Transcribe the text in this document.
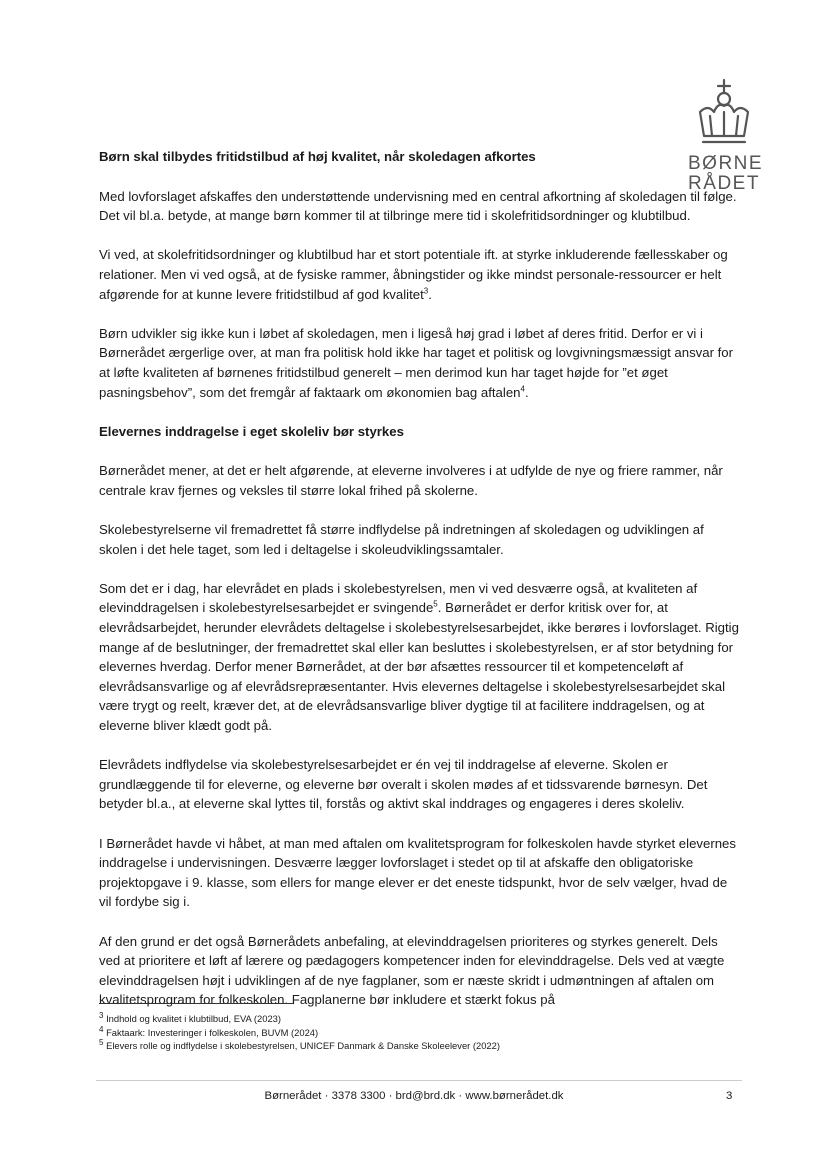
BØRNE
RÅDET
Børn skal tilbydes fritidstilbud af høj kvalitet, når skoledagen afkortes

Med lovforslaget afskaffes den understøttende undervisning med en central afkortning af skoledagen til følge. Det vil bl.a. betyde, at mange børn kommer til at tilbringe mere tid i skolefritidsordninger og klubtilbud.

Vi ved, at skolefritidsordninger og klubtilbud har et stort potentiale ift. at styrke inkluderende fællesskaber og relationer. Men vi ved også, at de fysiske rammer, åbningstider og ikke mindst personale-ressourcer er helt afgørende for at kunne levere fritidstilbud af god kvalitet$^3$.

Børn udvikler sig ikke kun i løbet af skoledagen, men i ligeså høj grad i løbet af deres fritid. Derfor er vi i Børnerådet ærgerlige over, at man fra politisk hold ikke har taget et politisk og lovgivningsmæssigt ansvar for at løfte kvaliteten af børnenes fritidstilbud generelt – men derimod kun har taget højde for ”et øget pasningsbehov”, som det fremgår af faktaark om økonomien bag aftalen$^4$.

Elevernes inddragelse i eget skoleliv bør styrkes

Børnerådet mener, at det er helt afgørende, at eleverne involveres i at udfylde de nye og friere rammer, når centrale krav fjernes og veksles til større lokal frihed på skolerne.

Skolebestyrelserne vil fremadrettet få større indflydelse på indretningen af skoledagen og udviklingen af skolen i det hele taget, som led i deltagelse i skoleudviklingssamtaler.

Som det er i dag, har elevrådet en plads i skolebestyrelsen, men vi ved desværre også, at kvaliteten af elevinddragelsen i skolebestyrelsesarbejdet er svingende$^5$. Børnerådet er derfor kritisk over for, at elevrådsarbejdet, herunder elevrådets deltagelse i skolebestyrelsesarbejdet, ikke berøres i lovforslaget. Rigtig mange af de beslutninger, der fremadrettet skal eller kan besluttes i skolebestyrelsen, er af stor betydning for elevernes hverdag. Derfor mener Børnerådet, at der bør afsættes ressourcer til et kompetenceløft af elevrådsansvarlige og af elevrådsrepræsentanter. Hvis elevernes deltagelse i skolebestyrelsesarbejdet skal være trygt og reelt, kræver det, at de elevrådsansvarlige bliver dygtige til at facilitere inddragelsen, og at eleverne bliver klædt godt på.

Elevrådets indflydelse via skolebestyrelsesarbejdet er én vej til inddragelse af eleverne. Skolen er grundlæggende til for eleverne, og eleverne bør overalt i skolen mødes af et tidssvarende børnesyn. Det betyder bl.a., at eleverne skal lyttes til, forstås og aktivt skal inddrages og engageres i deres skoleliv.

I Børnerådet havde vi håbet, at man med aftalen om kvalitetsprogram for folkeskolen havde styrket elevernes inddragelse i undervisningen. Desværre lægger lovforslaget i stedet op til at afskaffe den obligatoriske projektopgave i 9. klasse, som ellers for mange elever er det eneste tidspunkt, hvor de selv vælger, hvad de vil fordybe sig i.

Af den grund er det også Børnerådets anbefaling, at elevinddragelsen prioriteres og styrkes generelt. Dels ved at prioritere et løft af lærere og pædagogers kompetencer inden for elevinddragelse. Dels ved at vægte elevinddragelsen højt i udviklingen af de nye fagplaner, som er næste skridt i udmøntningen af aftalen om kvalitetsprogram for folkeskolen. Fagplanerne bør inkludere et stærkt fokus på

$^3$ Indhold og kvalitet i klubtilbud, EVA (2023)
$^4$ Faktaark: Investeringer i folkeskolen, BUVM (2024)
$^5$ Elevers rolle og indflydelse i skolebestyrelsen, UNICEF Danmark & Danske Skoleelever (2022)
Børnerådet · 3378 3300 · brd@brd.dk · www.børnerådet.dk	3
